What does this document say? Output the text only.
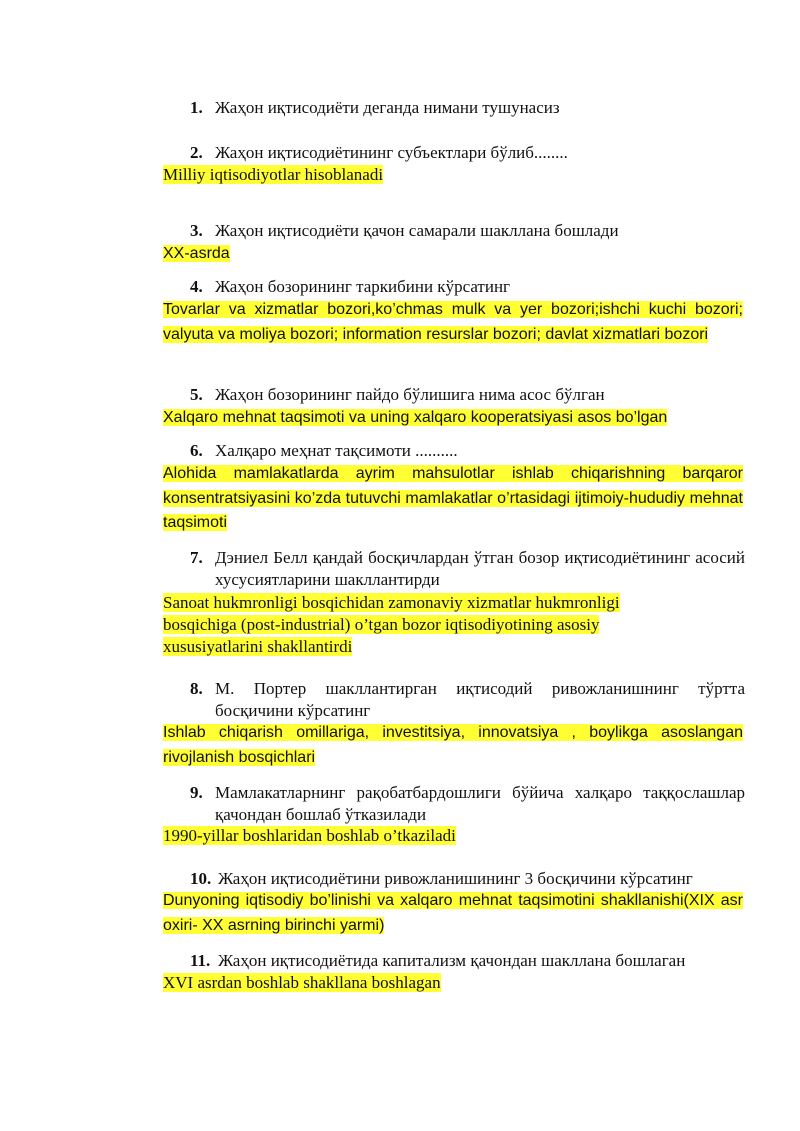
1. Жаҳон иқтисодиёти деганда нимани тушунасиз
2. Жаҳон иқтисодиётининг субъектлари бўлиб........
Milliy iqtisodiyotlar hisoblanadi
3. Жаҳон иқтисодиёти қачон самарали шакллана бошлади
XX-asrda
4. Жаҳон бозорининг таркибини кўрсатинг
Tovarlar va xizmatlar bozori,ko’chmas mulk va yer bozori;ishchi kuchi bozori; valyuta va moliya bozori; information resurslar bozori; davlat xizmatlari bozori
5. Жаҳон бозорининг пайдо бўлишига нима асос бўлган
Xalqaro mehnat taqsimoti va uning xalqaro kooperatsiyasi asos bo’lgan
6. Халқаро меҳнат тақсимоти ..........
Alohida mamlakatlarda ayrim mahsulotlar ishlab chiqarishning barqaror konsentratsiyasini ko’zda tutuvchi mamlakatlar o’rtasidagi ijtimoiy-hududiy mehnat taqsimoti
7. Дэниел Белл қандай босқичлардан ўтган бозор иқтисодиётининг асосий хусусиятларини шакллантирди
Sanoat hukmronligi bosqichidan zamonaviy xizmatlar hukmronligi bosqichiga (post-industrial) o’tgan bozor iqtisodiyotining asosiy xususiyatlarini shakllantirdi
8. М. Портер шакллантирган иқтисодий ривожланишнинг тўртта босқичини кўрсатинг
Ishlab chiqarish omillariga, investitsiya, innovatsiya , boylikga asoslangan rivojlanish bosqichlari
9. Мамлакатларнинг рақобатбардошлиги бўйича халқаро таққослашлар қачондан бошлаб ўтказилади
1990-yillar boshlaridan boshlab o’tkaziladi
10. Жаҳон иқтисодиётини ривожланишининг 3 босқичини кўрсатинг
Dunyoning iqtisodiy bo’linishi va xalqaro mehnat taqsimotini shakllanishi(XIX asr oxiri- XX asrning birinchi yarmi)
11. Жаҳон иқтисодиётида капитализм қачондан шакллана бошлаган
XVI asrdan boshlab shakllana boshlagan
